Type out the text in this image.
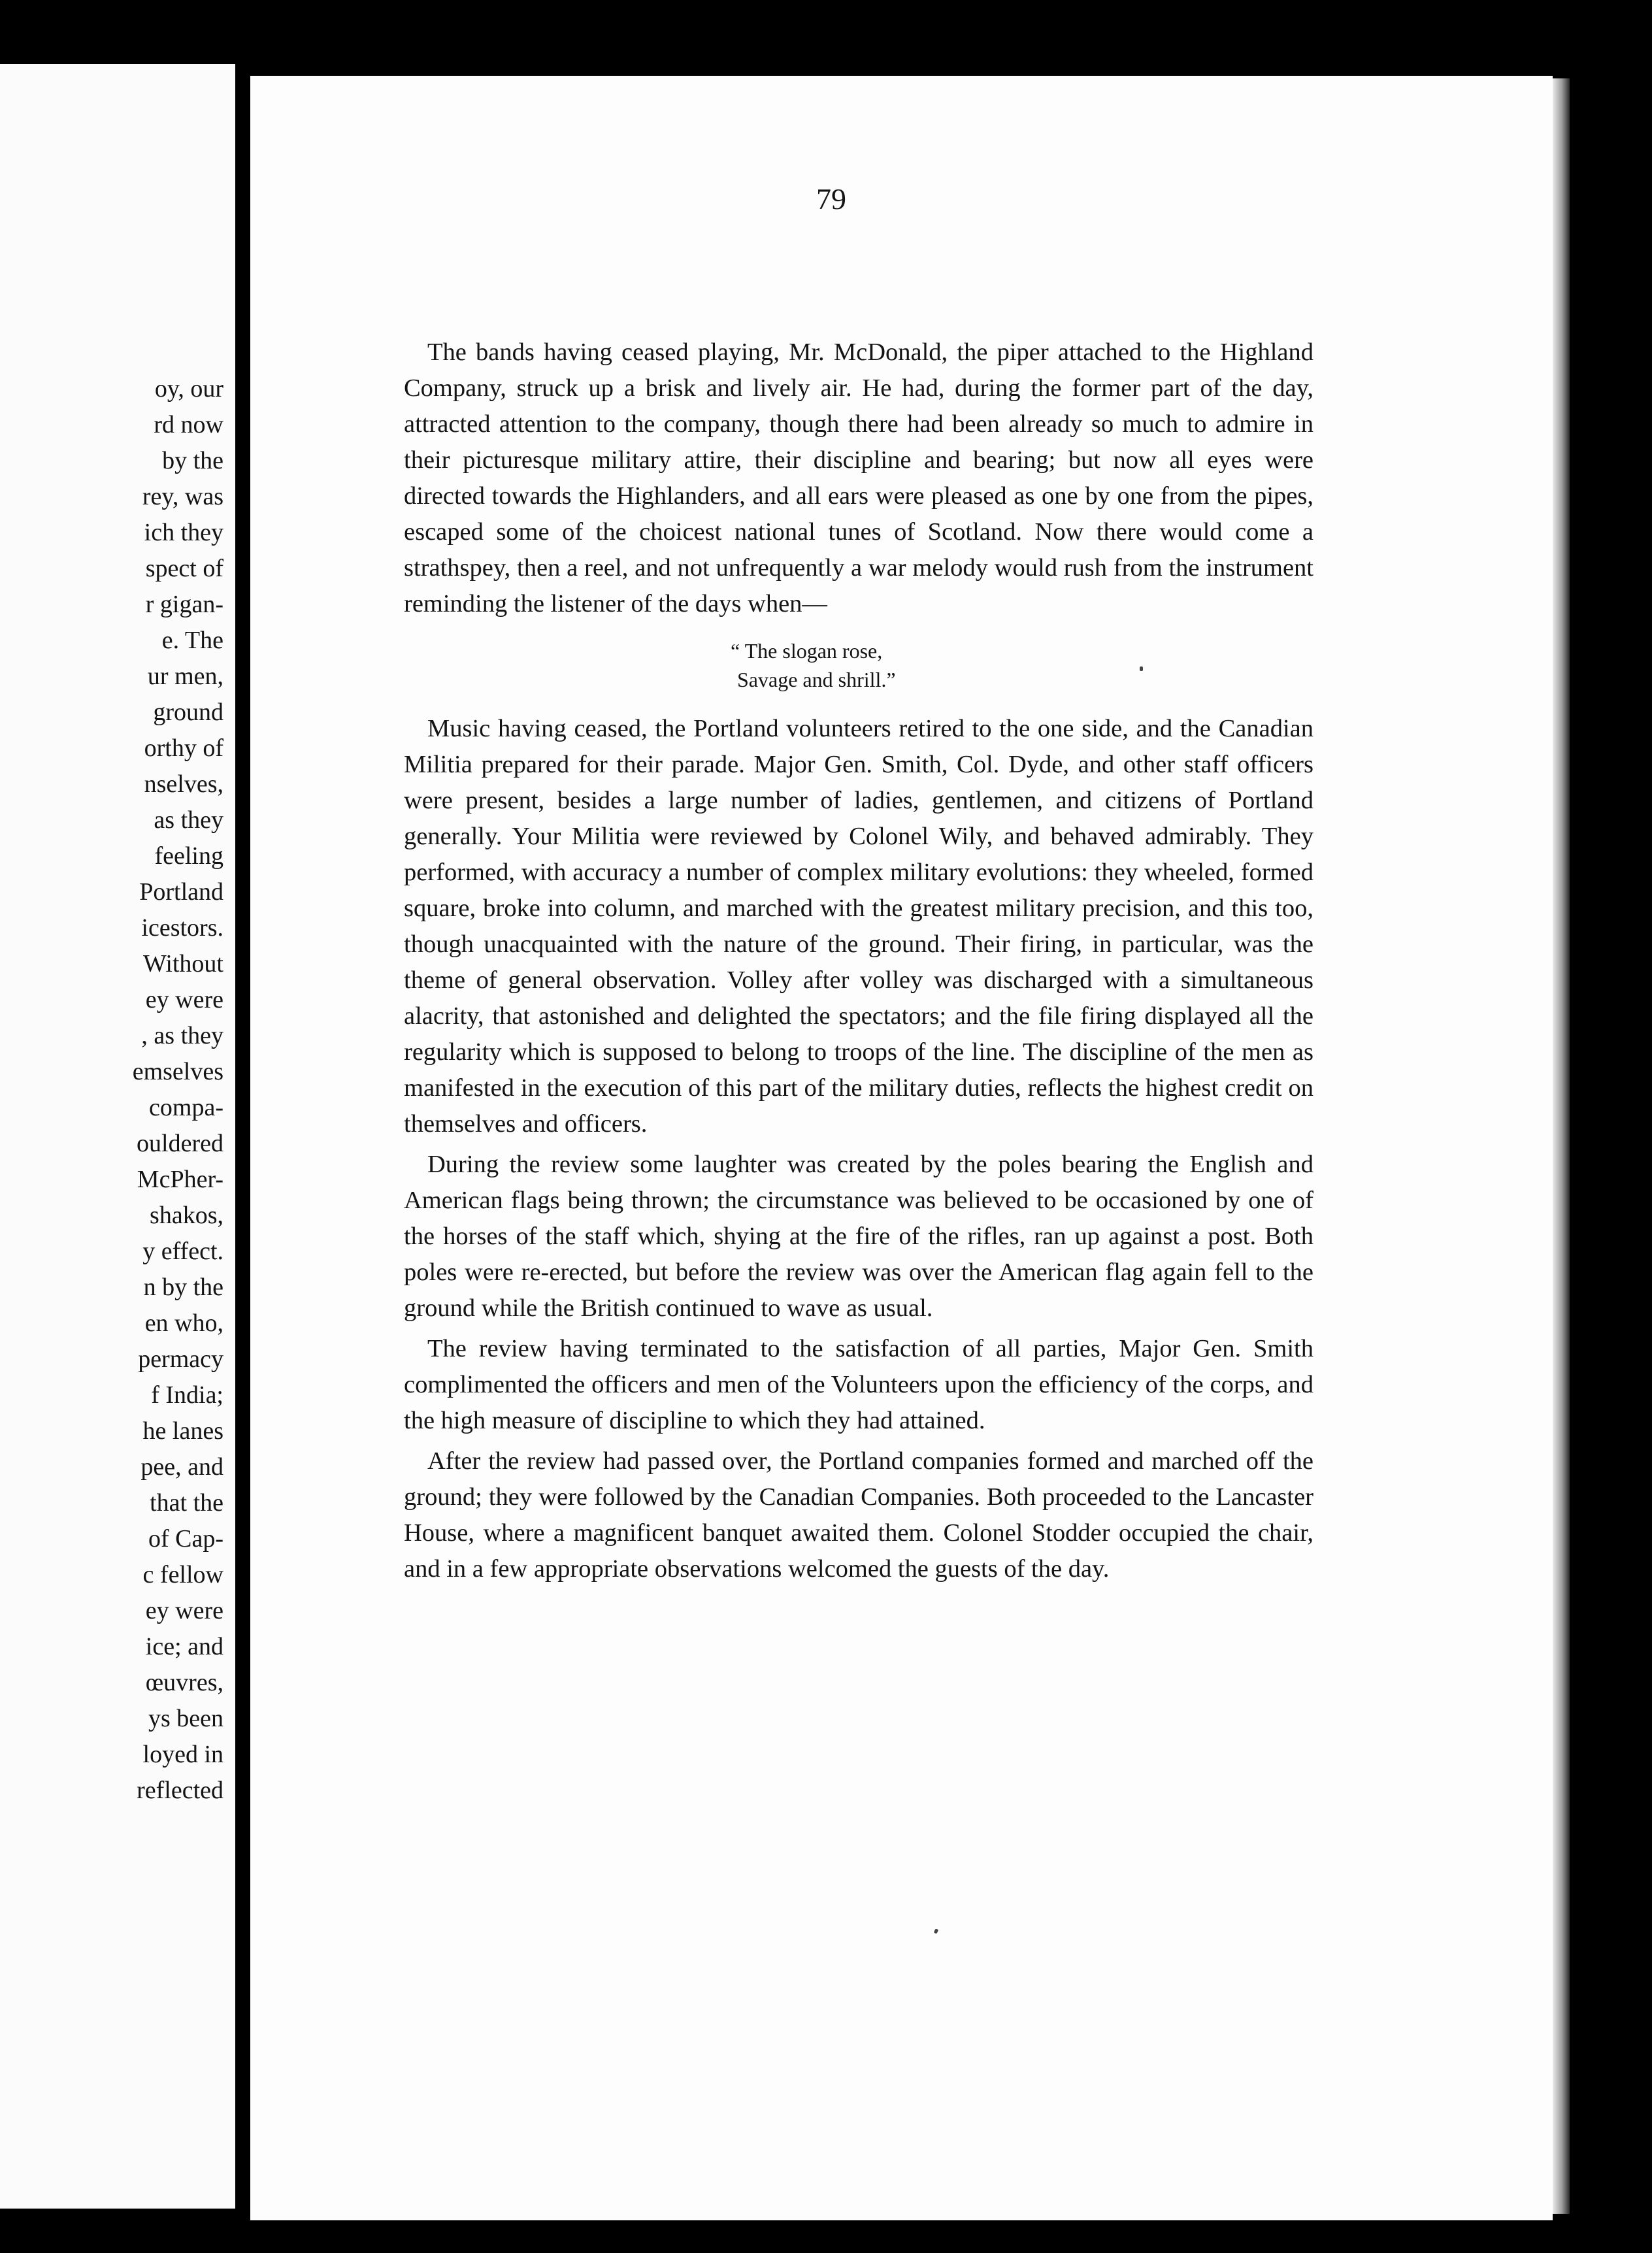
oy, our
rd now
by the
rey, was
ich they
spect of
r gigan-
e. The
ur men,
ground
orthy of
nselves,
as they
feeling
Portland
icestors.
Without
ey were
, as they
emselves
compa-
ouldered
McPher-
shakos,
y effect.
n by the
en who,
permacy
f India;
he lanes
pee, and
that the
of Cap-
c fellow
ey were
ice; and
œuvres,
ys been
loyed in
reflected
79

The bands having ceased playing, Mr. McDonald, the piper attached to the Highland Company, struck up a brisk and lively air. He had, during the former part of the day, attracted attention to the company, though there had been already so much to admire in their picturesque military attire, their discipline and bearing; but now all eyes were directed towards the Highlanders, and all ears were pleased as one by one from the pipes, escaped some of the choicest national tunes of Scotland. Now there would come a strathspey, then a reel, and not unfrequently a war melody would rush from the instrument reminding the listener of the days when—

“ The slogan rose,
Savage and shrill.”

Music having ceased, the Portland volunteers retired to the one side, and the Canadian Militia prepared for their parade. Major Gen. Smith, Col. Dyde, and other staff officers were present, besides a large number of ladies, gentlemen, and citizens of Portland generally. Your Militia were reviewed by Colonel Wily, and behaved admirably. They performed, with accuracy a number of complex military evolutions: they wheeled, formed square, broke into column, and marched with the greatest military precision, and this too, though unacquainted with the nature of the ground. Their firing, in particular, was the theme of general observation. Volley after volley was discharged with a simultaneous alacrity, that astonished and delighted the spectators; and the file firing displayed all the regularity which is supposed to belong to troops of the line. The discipline of the men as manifested in the execution of this part of the military duties, reflects the highest credit on themselves and officers.

During the review some laughter was created by the poles bearing the English and American flags being thrown; the circumstance was believed to be occasioned by one of the horses of the staff which, shying at the fire of the rifles, ran up against a post. Both poles were re-erected, but before the review was over the American flag again fell to the ground while the British continued to wave as usual.

The review having terminated to the satisfaction of all parties, Major Gen. Smith complimented the officers and men of the Volunteers upon the efficiency of the corps, and the high measure of discipline to which they had attained.

After the review had passed over, the Portland companies formed and marched off the ground; they were followed by the Canadian Companies. Both proceeded to the Lancaster House, where a magnificent banquet awaited them. Colonel Stodder occupied the chair, and in a few appropriate observations welcomed the guests of the day.
